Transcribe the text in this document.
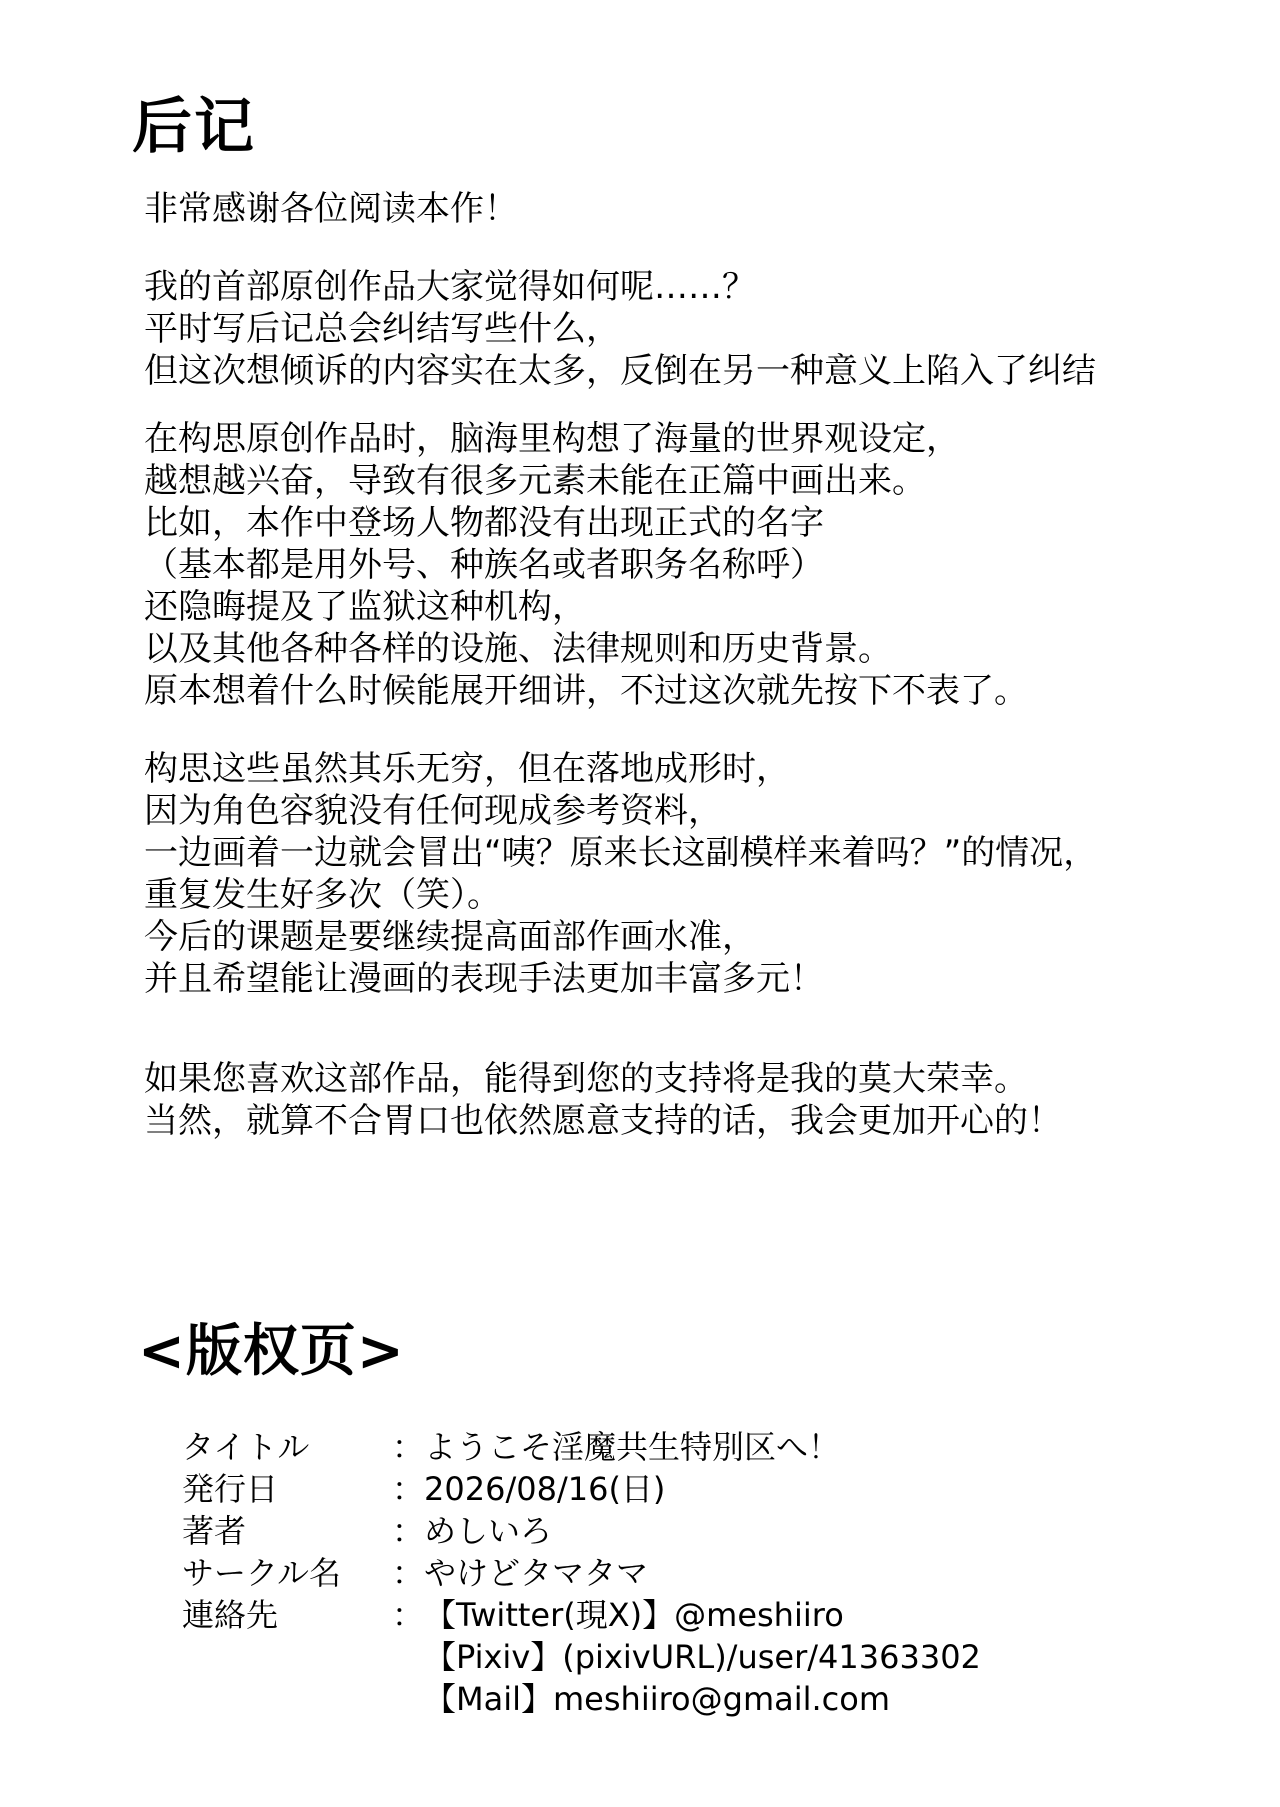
后记

非常感谢各位阅读本作！

我的首部原创作品大家觉得如何呢……？

平时写后记总会纠结写些什么，

但这次想倾诉的内容实在太多，反倒在另一种意义上陷入了纠结

在构思原创作品时，脑海里构想了海量的世界观设定，

越想越兴奋，导致有很多元素未能在正篇中画出来。

比如，本作中登场人物都没有出现正式的名字

（基本都是用外号、种族名或者职务名称呼）

还隐晦提及了监狱这种机构，

以及其他各种各样的设施、法律规则和历史背景。

原本想着什么时候能展开细讲，不过这次就先按下不表了。

构思这些虽然其乐无穷，但在落地成形时，

因为角色容貌没有任何现成参考资料，

一边画着一边就会冒出“咦？原来长这副模样来着吗？”的情况，

重复发生好多次（笑）。

今后的课题是要继续提高面部作画水准，

并且希望能让漫画的表现手法更加丰富多元！

如果您喜欢这部作品，能得到您的支持将是我的莫大荣幸。

当然，就算不合胃口也依然愿意支持的话，我会更加开心的！

<版权页>
タイトル	： ようこそ淫魔共生特別区へ！
発行日	： 2026/08/16(日)
著者	： めしいろ
サークル名	： やけどタマタマ
連絡先	： 【Twitter(現X)】@meshiiro
【Pixiv】(pixivURL)/user/41363302
【Mail】meshiiro@gmail.com
